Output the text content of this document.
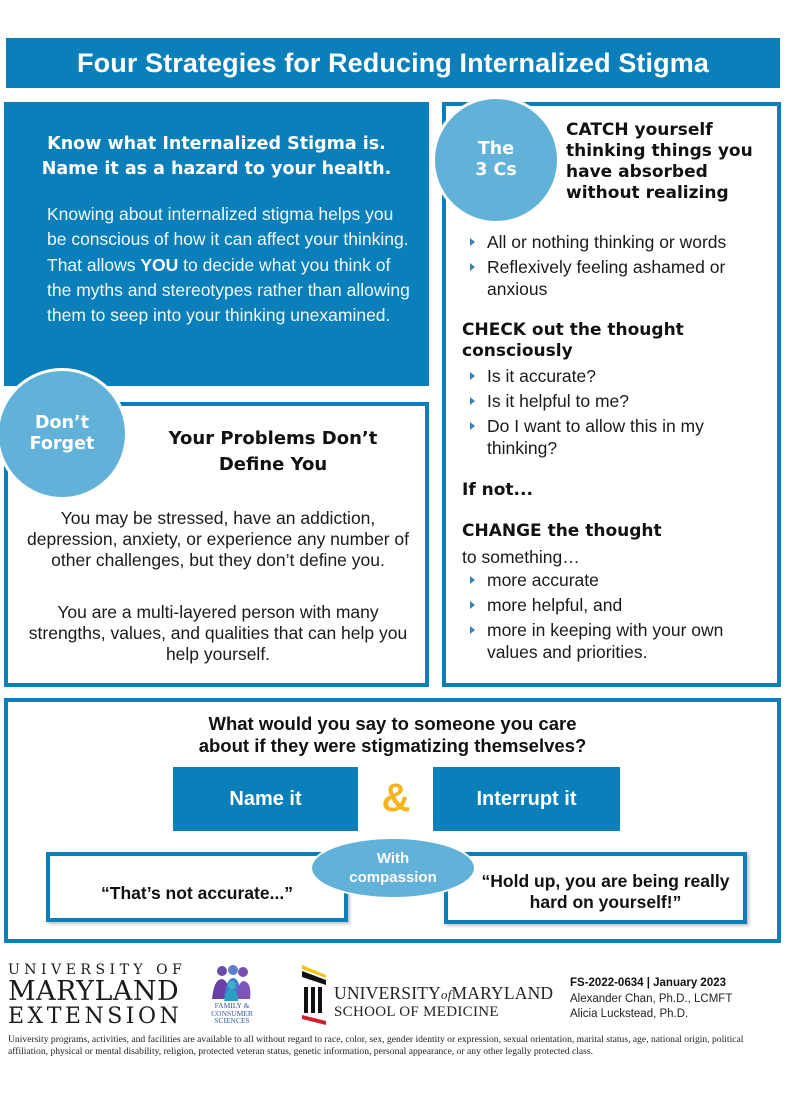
Four Strategies for Reducing Internalized Stigma
Know what Internalized Stigma is.
Name it as a hazard to your health.

Knowing about internalized stigma helps you be conscious of how it can affect your thinking. That allows YOU to decide what you think of the myths and stereotypes rather than allowing them to seep into your thinking unexamined.

CATCH yourself thinking things you have absorbed without realizing
All or nothing thinking or words
Reflexively feeling ashamed or anxious
CHECK out the thought consciously
Is it accurate?
Is it helpful to me?
Do I want to allow this in my thinking?
If not...
CHANGE the thought
to something…
more accurate
more helpful, and
more in keeping with your own values and priorities.
The
3 Cs
Your Problems Don’t
Define You

You may be stressed, have an addiction, depression, anxiety, or experience any number of other challenges, but they don’t define you.

You are a multi-layered person with many strengths, values, and qualities that can help you help yourself.

Don’t
Forget
What would you say to someone you care
about if they were stigmatizing themselves?
Name it	&	Interrupt it
“That’s not accurate...”
“Hold up, you are being really hard on yourself!”
With
compassion
UNIVERSITY OF
MARYLAND
EXTENSION	FAMILY &
CONSUMER
SCIENCES
UNIVERSITYofMARYLAND
SCHOOL OF MEDICINE
FS-2022-0634 | January 2023
Alexander Chan, Ph.D., LCMFT
Alicia Luckstead, Ph.D.

University programs, activities, and facilities are available to all without regard to race, color, sex, gender identity or expression, sexual orientation, marital status, age, national origin, political affiliation, physical or mental disability, religion, protected veteran status, genetic information, personal appearance, or any other legally protected class.
